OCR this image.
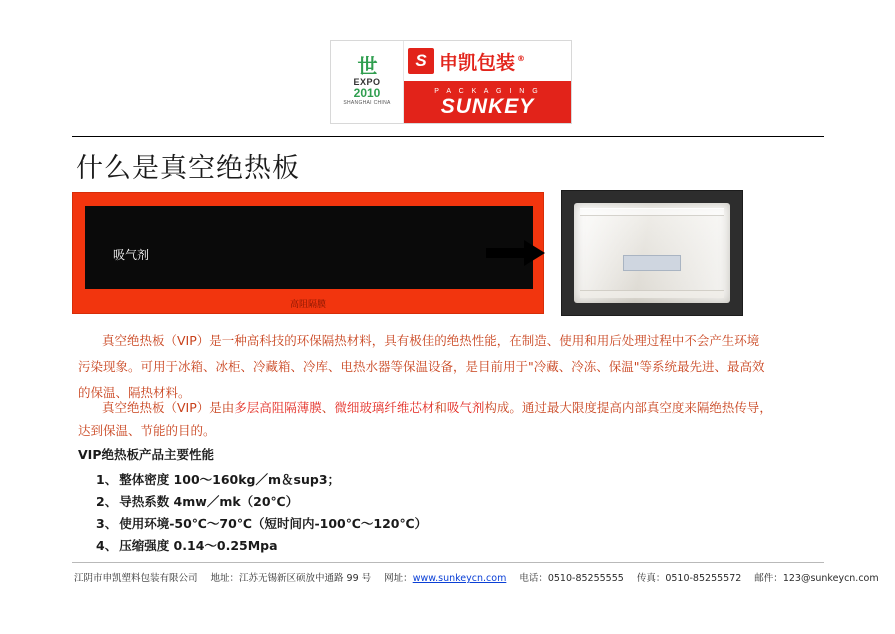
世
EXPO
2010
SHANGHAI CHINA
S 申凯包装 ®
P A C K A G I N G
SUNKEY
什么是真空绝热板
吸气剂
高阻隔膜
真空绝热板（VIP）是一种高科技的环保隔热材料，具有极佳的绝热性能，在制造、使用和用后处理过程中不会产生环境污染现象。可用于冰箱、冰柜、冷藏箱、冷库、电热水器等保温设备，是目前用于"冷藏、冷冻、保温"等系统最先进、最高效的保温、隔热材料。
真空绝热板（VIP）是由多层高阻隔薄膜、微细玻璃纤维芯材和吸气剂构成。通过最大限度提高内部真空度来隔绝热传导，达到保温、节能的目的。
VIP绝热板产品主要性能
1、 整体密度 100～160kg／m＆sup3；
2、 导热系数 4mw／mk（20℃）
3、 使用环境-50℃～70℃（短时间内-100℃～120℃）
4、 压缩强度 0.14～0.25Mpa
江阴市申凯塑料包装有限公司 地址：江苏无锡新区硕放中通路 99 号 网址：www.sunkeycn.com 电话：0510-85255555 传真：0510-85255572 邮件：123@sunkeycn.com
